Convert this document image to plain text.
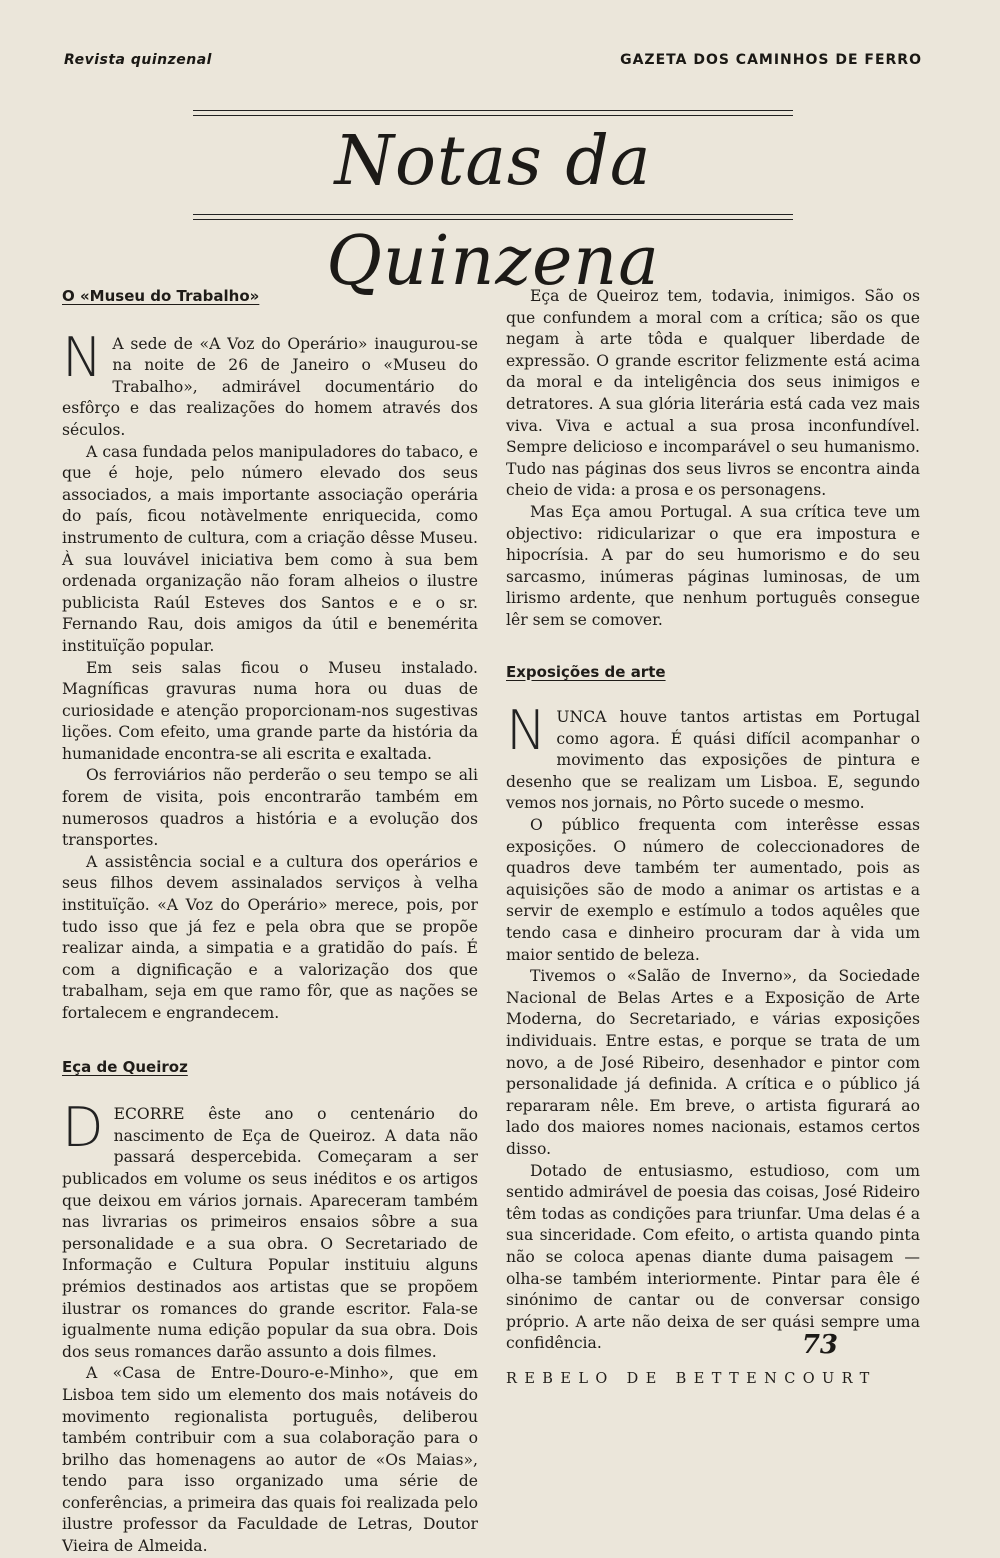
Revista quinzenal	GAZETA DOS CAMINHOS DE FERRO
Notas da Quinzena
O «Museu do Trabalho»

N A sede de «A Voz do Operário» inaugurou-se na noite de 26 de Janeiro o «Museu do Trabalho», admirável documentário do esfôrço e das realizações do homem através dos séculos.

A casa fundada pelos manipuladores do tabaco, e que é hoje, pelo número elevado dos seus associados, a mais importante associação operária do país, ficou notàvelmente enriquecida, como instrumento de cultura, com a criação dêsse Museu. À sua louvável iniciativa bem como à sua bem ordenada organização não foram alheios o ilustre publicista Raúl Esteves dos Santos e e o sr. Fernando Rau, dois amigos da útil e benemérita instituïção popular.

Em seis salas ficou o Museu instalado. Magníficas gravuras numa hora ou duas de curiosidade e atenção proporcionam-nos sugestivas lições. Com efeito, uma grande parte da história da humanidade encontra-se ali escrita e exaltada.

Os ferroviários não perderão o seu tempo se ali forem de visita, pois encontrarão também em numerosos quadros a história e a evolução dos transportes.

A assistência social e a cultura dos operários e seus filhos devem assinalados serviços à velha instituïção. «A Voz do Operário» merece, pois, por tudo isso que já fez e pela obra que se propõe realizar ainda, a simpatia e a gratidão do país. É com a dignificação e a valorização dos que trabalham, seja em que ramo fôr, que as nações se fortalecem e engrandecem.

Eça de Queiroz

DECORRE êste ano o centenário do nascimento de Eça de Queiroz. A data não passará despercebida. Começaram a ser publicados em volume os seus inéditos e os artigos que deixou em vários jornais. Apareceram também nas livrarias os primeiros ensaios sôbre a sua personalidade e a sua obra. O Secretariado de Informação e Cultura Popular instituiu alguns prémios destinados aos artistas que se propõem ilustrar os romances do grande escritor. Fala-se igualmente numa edição popular da sua obra. Dois dos seus romances darão assunto a dois filmes.

A «Casa de Entre-Douro-e-Minho», que em Lisboa tem sido um elemento dos mais notáveis do movimento regionalista português, deliberou também contribuir com a sua colaboração para o brilho das homenagens ao autor de «Os Maias», tendo para isso organizado uma série de conferências, a primeira das quais foi realizada pelo ilustre professor da Faculdade de Letras, Doutor Vieira de Almeida.

Eça de Queiroz tem, todavia, inimigos. São os que confundem a moral com a crítica; são os que negam à arte tôda e qualquer liberdade de expressão. O grande escritor felizmente está acima da moral e da inteligência dos seus inimigos e detratores. A sua glória literária está cada vez mais viva. Viva e actual a sua prosa inconfundível. Sempre delicioso e incomparável o seu humanismo. Tudo nas páginas dos seus livros se encontra ainda cheio de vida: a prosa e os personagens.

Mas Eça amou Portugal. A sua crítica teve um objectivo: ridicularizar o que era impostura e hipocrísia. A par do seu humorismo e do seu sarcasmo, inúmeras páginas luminosas, de um lirismo ardente, que nenhum português consegue lêr sem se comover.

Exposições de arte

NUNCA houve tantos artistas em Portugal como agora. É quási difícil acompanhar o movimento das exposições de pintura e desenho que se realizam um Lisboa. E, segundo vemos nos jornais, no Pôrto sucede o mesmo.

O público frequenta com interêsse essas exposições. O número de coleccionadores de quadros deve também ter aumentado, pois as aquisições são de modo a animar os artistas e a servir de exemplo e estímulo a todos aquêles que tendo casa e dinheiro procuram dar à vida um maior sentido de beleza.

Tivemos o «Salão de Inverno», da Sociedade Nacional de Belas Artes e a Exposição de Arte Moderna, do Secretariado, e várias exposições individuais. Entre estas, e porque se trata de um novo, a de José Ribeiro, desenhador e pintor com personalidade já definida. A crítica e o público já repararam nêle. Em breve, o artista figurará ao lado dos maiores nomes nacionais, estamos certos disso.

Dotado de entusiasmo, estudioso, com um sentido admirável de poesia das coisas, José Rideiro têm todas as condições para triunfar. Uma delas é a sua sinceridade. Com efeito, o artista quando pinta não se coloca apenas diante duma paisagem — olha-se também interiormente. Pintar para êle é sinónimo de cantar ou de conversar consigo próprio. A arte não deixa de ser quási sempre uma confidência.

REBELO DE BETTENCOURT

73
